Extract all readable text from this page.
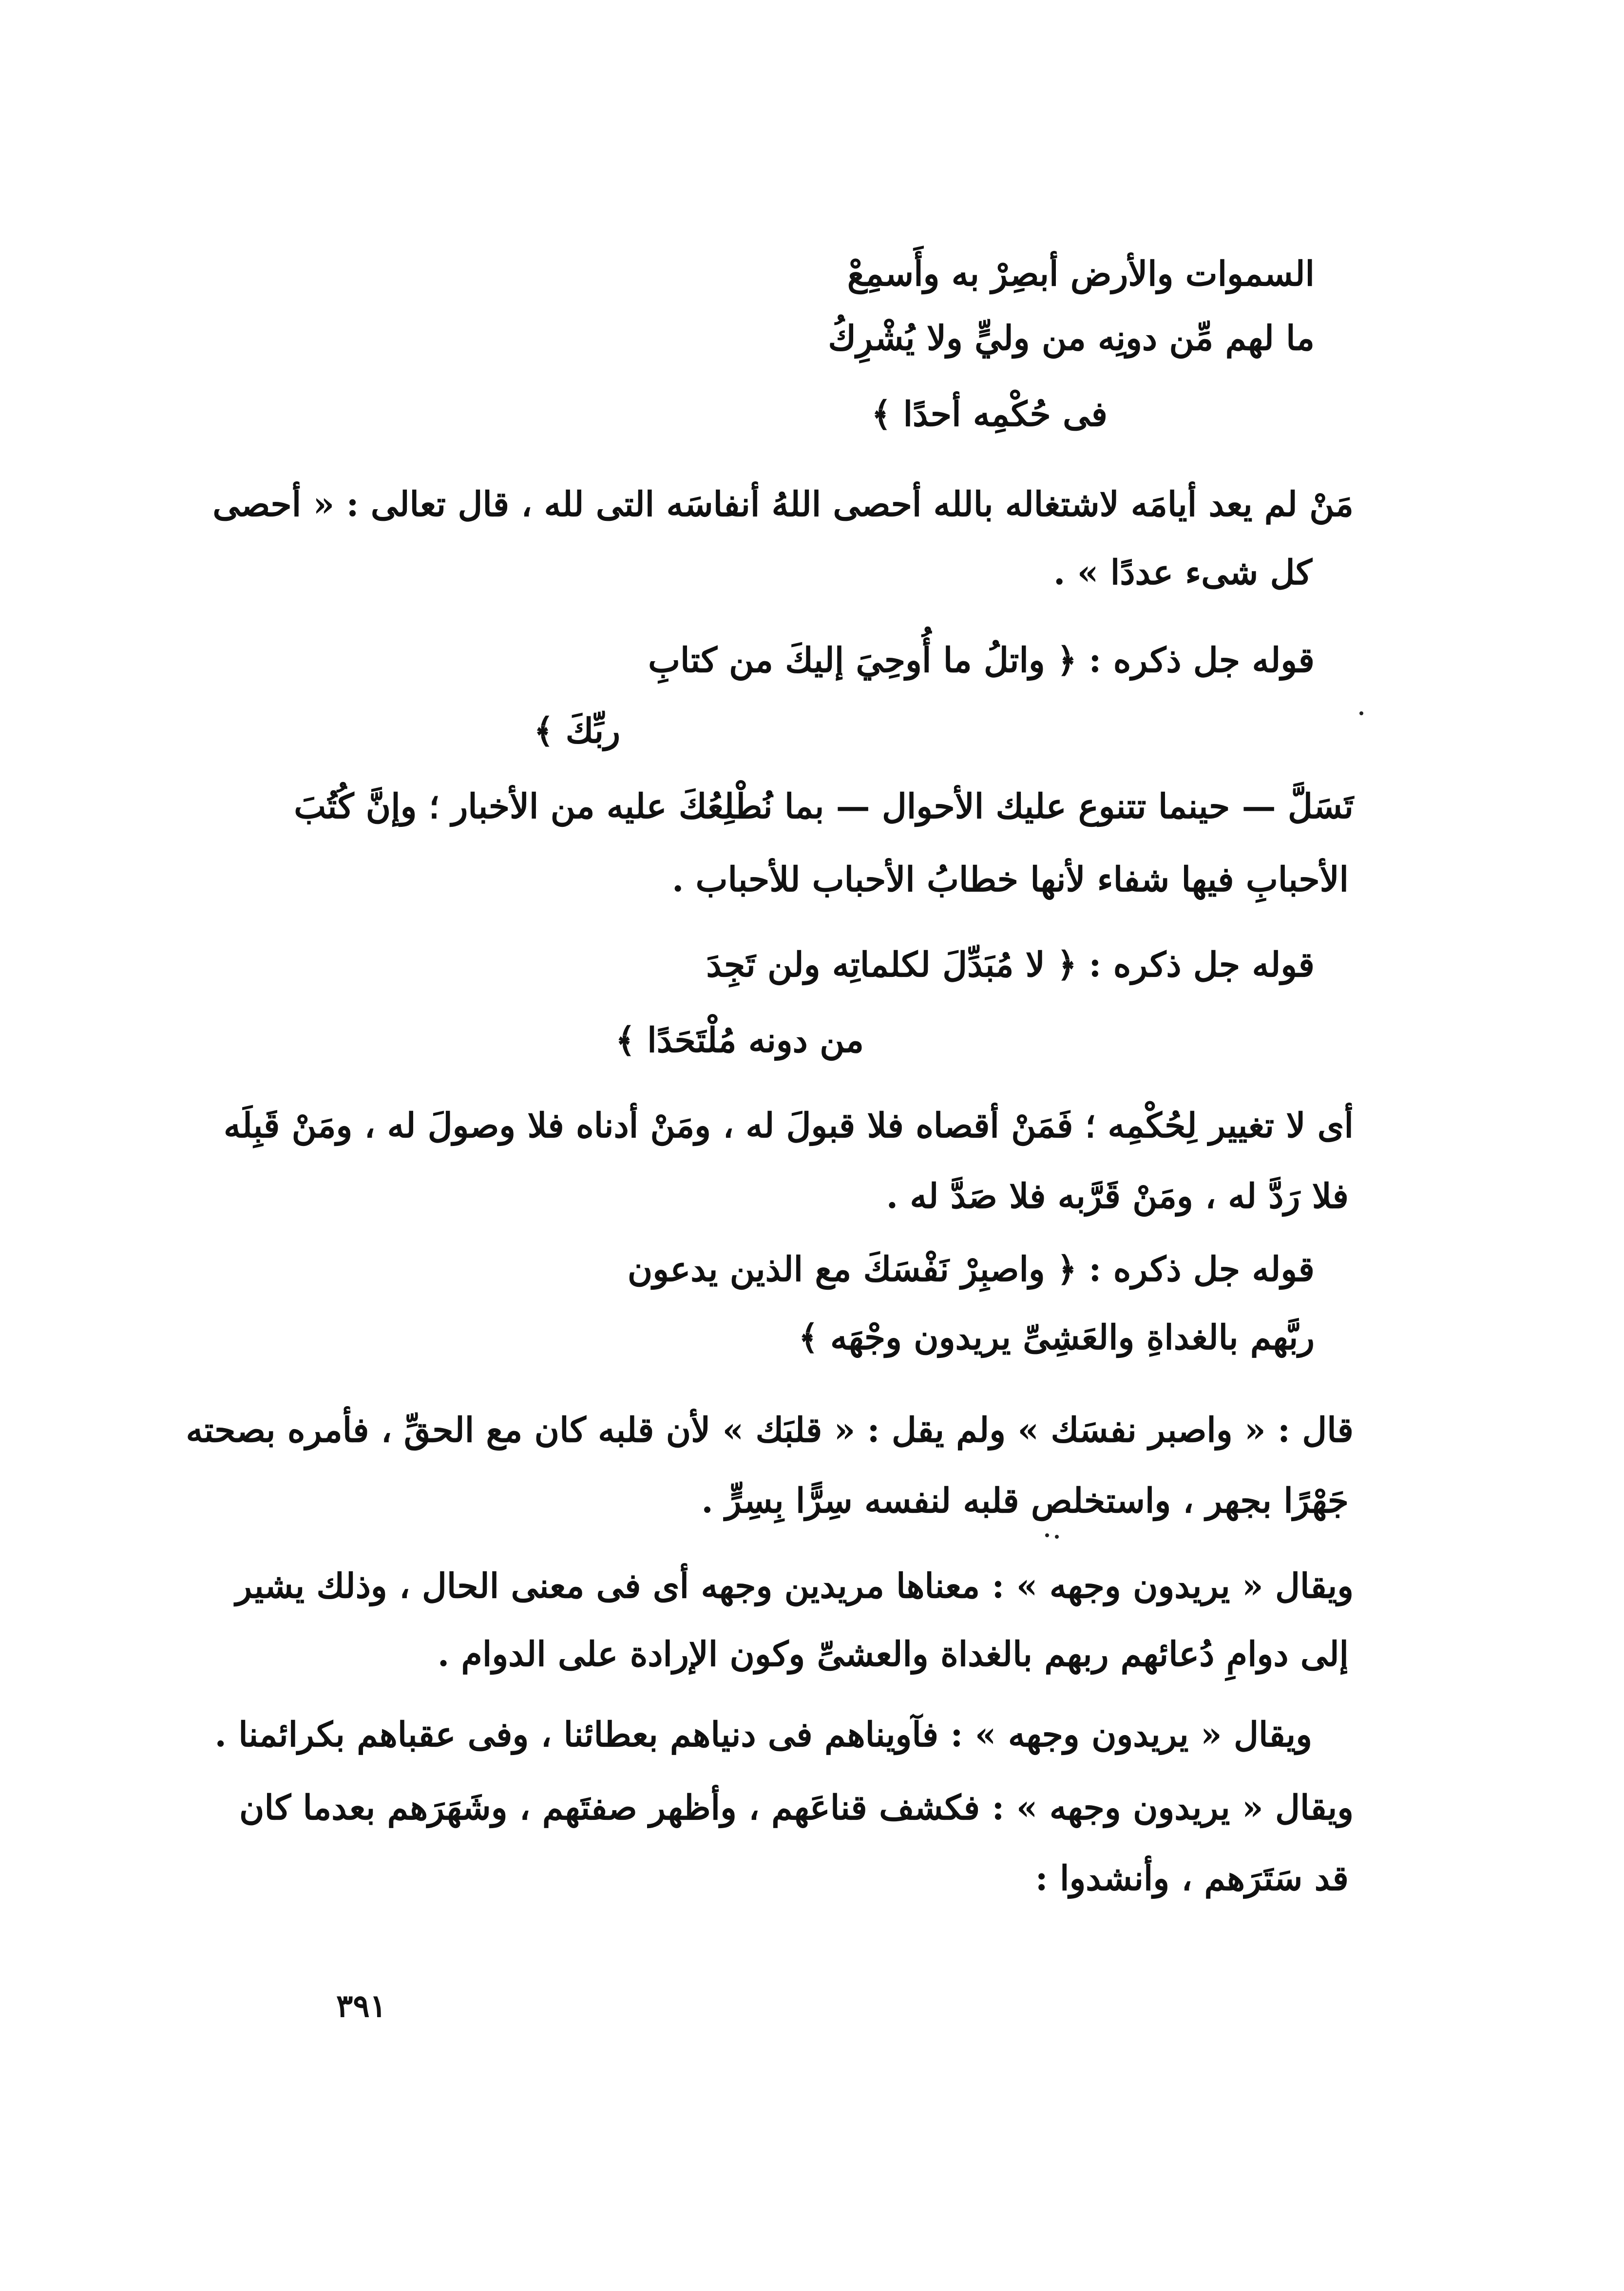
السموات والأرض أبصِرْ به وأَسمِعْ
ما لهم مِّن دونِه من وليٍّ ولا يُشْرِكُ
فى حُكْمِه أحدًا ﴾
مَنْ لم يعد أيامَه لاشتغاله بالله أحصى اللهُ أنفاسَه التى لله ، قال تعالى : « أحصى
كل شىء عددًا » .
قوله جل ذكره : ﴿ واتلُ ما أُوحِيَ إليكَ من كتابِ
ربِّكَ ﴾
تَسَلَّ — حينما تتنوع عليك الأحوال — بما نُطْلِعُكَ عليه من الأخبار ؛ وإنَّ كُتُبَ
الأحبابِ فيها شفاء لأنها خطابُ الأحباب للأحباب .
قوله جل ذكره : ﴿ لا مُبَدِّلَ لكلماتِه ولن تَجِدَ
من دونه مُلْتَحَدًا ﴾
أى لا تغيير لِحُكْمِه ؛ فَمَنْ أقصاه فلا قبولَ له ، ومَنْ أدناه فلا وصولَ له ، ومَنْ قَبِلَه
فلا رَدَّ له ، ومَنْ قَرَّبه فلا صَدَّ له .
قوله جل ذكره : ﴿ واصبِرْ نَفْسَكَ مع الذين يدعون
ربَّهم بالغداةِ والعَشِىِّ يريدون وجْهَه ﴾
قال : « واصبر نفسَك » ولم يقل : « قلبَك » لأن قلبه كان مع الحقِّ ، فأمره بصحته
جَهْرًا بجهر ، واستخلص قلبه لنفسه سِرًّا بِسِرٍّ .
ويقال « يريدون وجهه » : معناها مريدين وجهه أى فى معنى الحال ، وذلك يشير
إلى دوامِ دُعائهم ربهم بالغداة والعشىِّ وكون الإرادة على الدوام .
ويقال « يريدون وجهه » : فآويناهم فى دنياهم بعطائنا ، وفى عقباهم بكرائمنا .
ويقال « يريدون وجهه » : فكشف قناعَهم ، وأظهر صفتَهم ، وشَهَرَهم بعدما كان
قد سَتَرَهم ، وأنشدوا :
٣٩١
